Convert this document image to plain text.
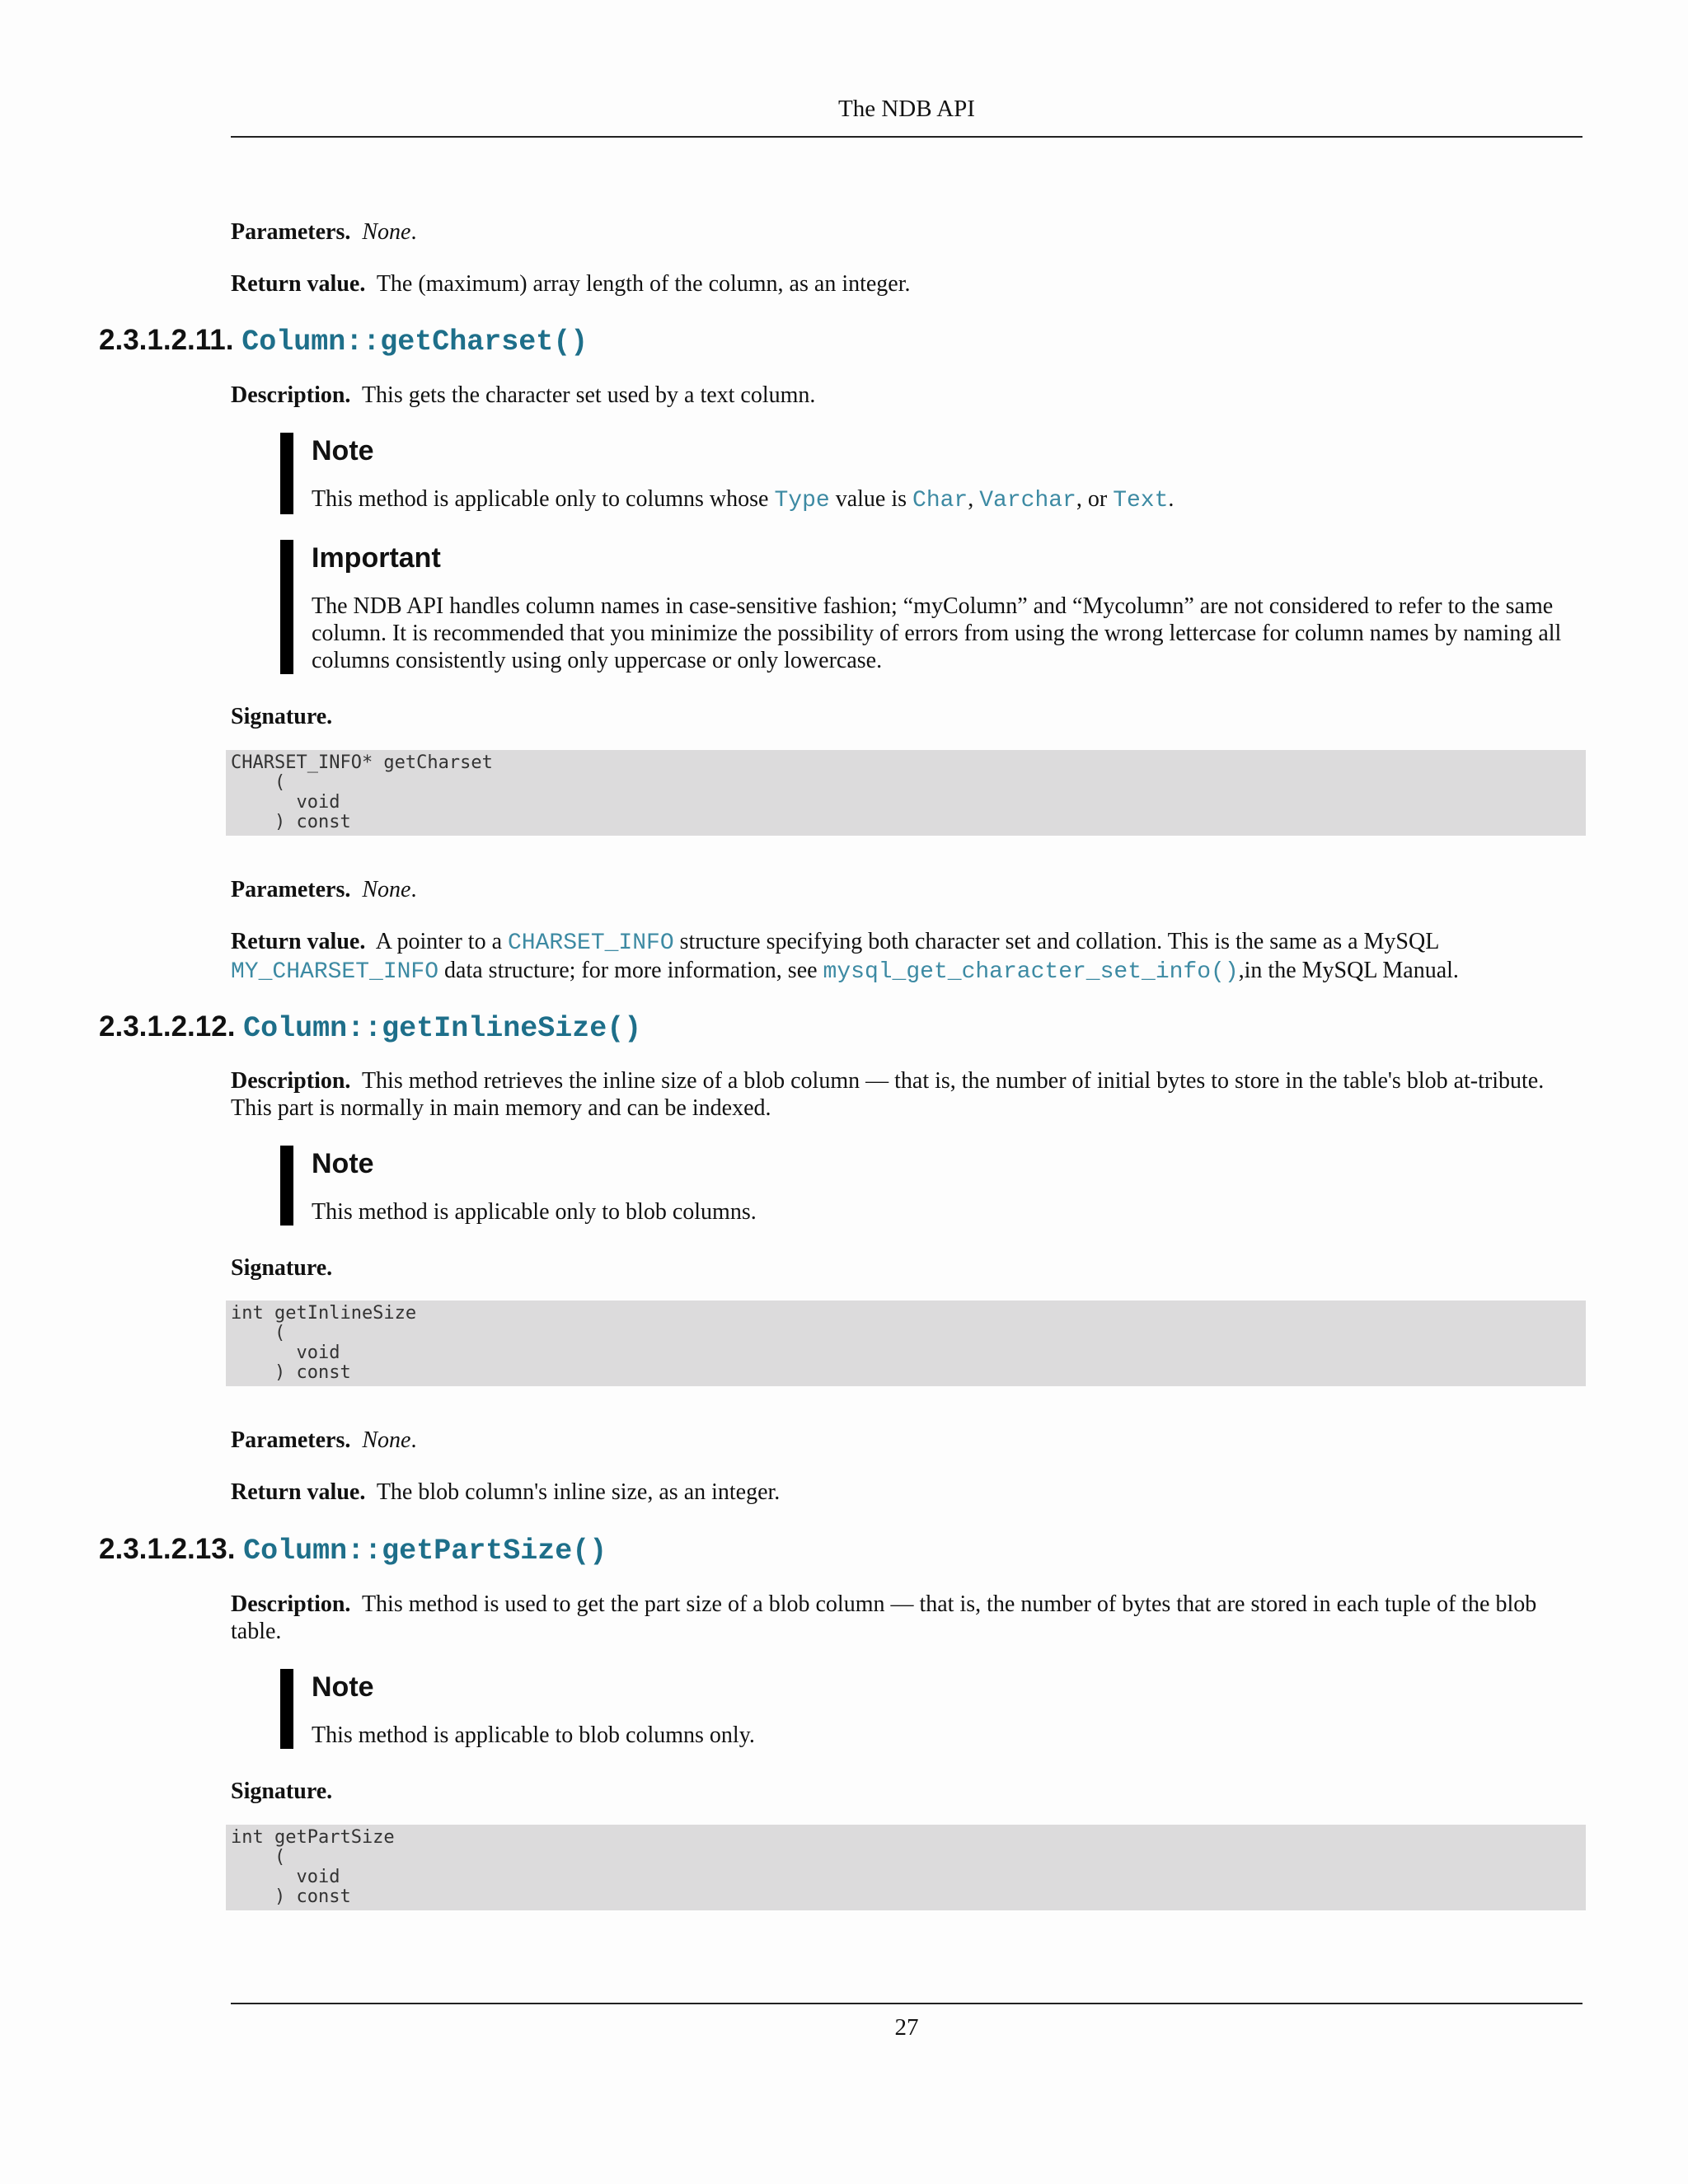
The NDB API
Parameters. None.
Return value. The (maximum) array length of the column, as an integer.
2.3.1.2.11. Column::getCharset()
Description. This gets the character set used by a text column.
Note
This method is applicable only to columns whose Type value is Char, Varchar, or Text.
Important
The NDB API handles column names in case-sensitive fashion; “myColumn” and “Mycolumn” are not considered to refer to the same column. It is recommended that you minimize the possibility of errors from using the wrong lettercase for column names by naming all columns consistently using only uppercase or only lowercase.
Signature.
CHARSET_INFO* getCharset
(
void
) const
Parameters. None.
Return value. A pointer to a CHARSET_INFO structure specifying both character set and collation. This is the same as a MySQL MY_CHARSET_INFO data structure; for more information, see mysql_get_character_set_info(),in the MySQL Manual.
2.3.1.2.12. Column::getInlineSize()
Description. This method retrieves the inline size of a blob column — that is, the number of initial bytes to store in the table's blob at-tribute. This part is normally in main memory and can be indexed.
Note
This method is applicable only to blob columns.
Signature.
int getInlineSize
(
void
) const
Parameters. None.
Return value. The blob column's inline size, as an integer.
2.3.1.2.13. Column::getPartSize()
Description. This method is used to get the part size of a blob column — that is, the number of bytes that are stored in each tuple of the blob table.
Note
This method is applicable to blob columns only.
Signature.
int getPartSize
(
void
) const
27
